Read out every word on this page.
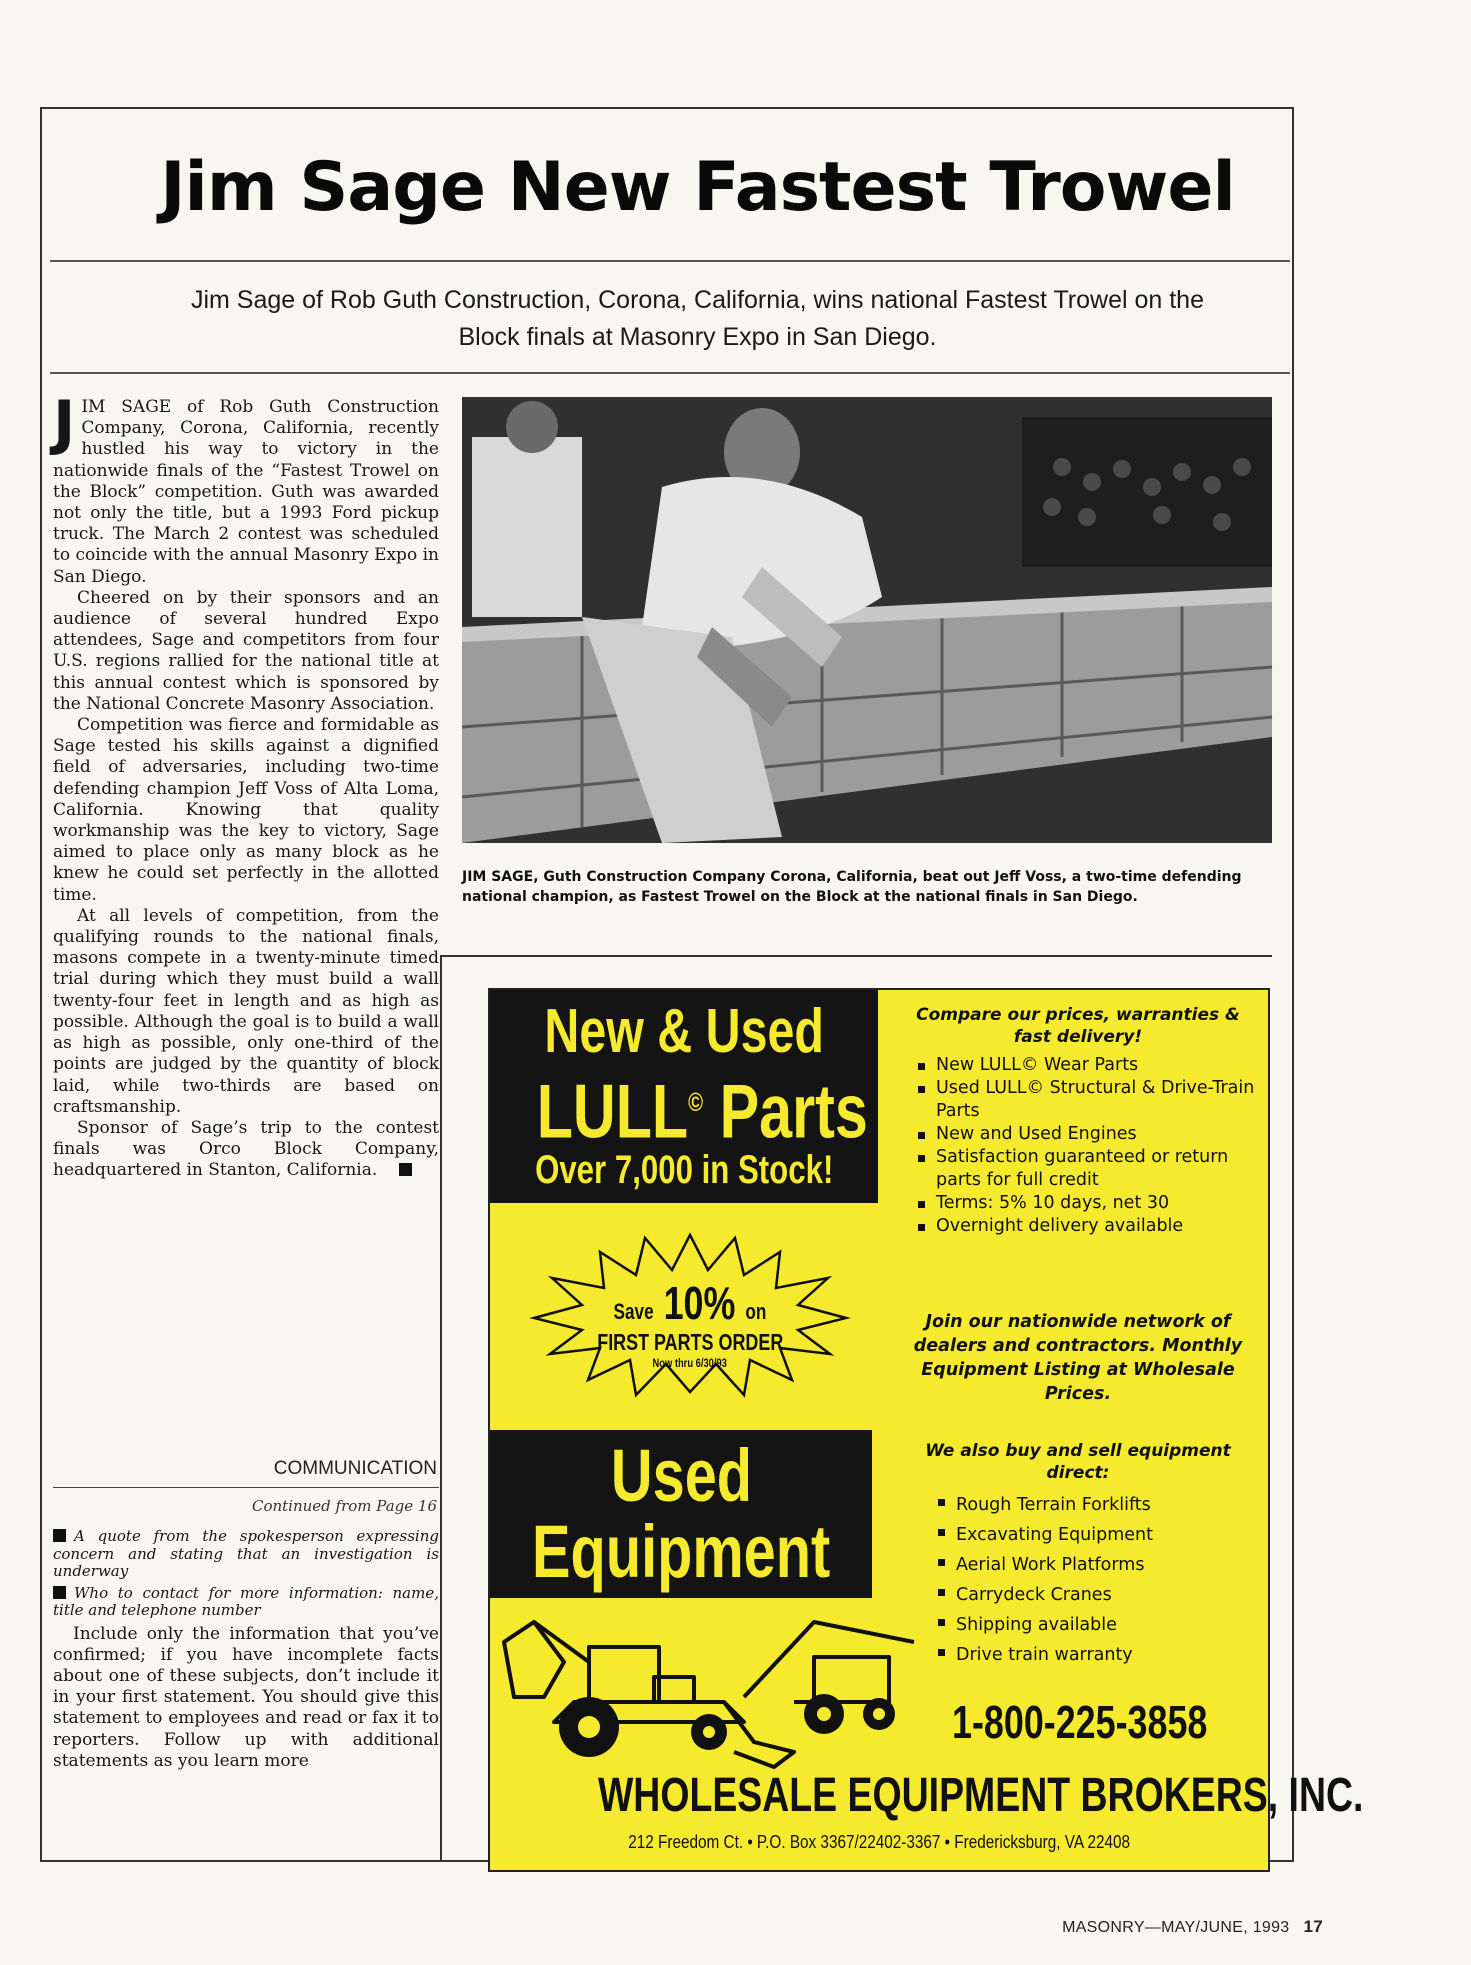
Jim Sage New Fastest Trowel
Jim Sage of Rob Guth Construction, Corona, California, wins national Fastest Trowel on the
Block finals at Masonry Expo in San Diego.

JIM SAGE of Rob Guth Construction Company, Corona, California, recently hustled his way to victory in the nationwide finals of the “Fastest Trowel on the Block” competition. Guth was awarded not only the title, but a 1993 Ford pickup truck. The March 2 contest was scheduled to coincide with the annual Masonry Expo in San Diego.

Cheered on by their sponsors and an audience of several hundred Expo attendees, Sage and competitors from four U.S. regions rallied for the national title at this annual contest which is sponsored by the National Concrete Masonry Association.

Competition was fierce and formidable as Sage tested his skills against a dignified field of adversaries, including two-time defending champion Jeff Voss of Alta Loma, California. Knowing that quality workmanship was the key to victory, Sage aimed to place only as many block as he knew he could set perfectly in the allotted time.

At all levels of competition, from the qualifying rounds to the national finals, masons compete in a twenty-minute timed trial during which they must build a wall twenty-four feet in length and as high as possible. Although the goal is to build a wall as high as possible, only one-third of the points are judged by the quantity of block laid, while two-thirds are based on craftsmanship.

Sponsor of Sage’s trip to the contest finals was Orco Block Company, headquartered in Stanton, California.

COMMUNICATION
Continued from Page 16

A quote from the spokesperson expressing concern and stating that an investigation is underway

Who to contact for more information: name, title and telephone number

Include only the information that you’ve confirmed; if you have incomplete facts about one of these subjects, don’t include it in your first statement. You should give this statement to employees and read or fax it to reporters. Follow up with additional statements as you learn more

JIM SAGE, Guth Construction Company Corona, California, beat out Jeff Voss, a two-time defending national champion, as Fastest Trowel on the Block at the national finals in San Diego.
New & Used
LULL© Parts
Over 7,000 in Stock!
Save 10% on
FIRST PARTS ORDER
Now thru 6/30/93
Used
Equipment

Compare our prices, warranties & fast delivery!

New LULL© Wear Parts
Used LULL© Structural & Drive-Train Parts
New and Used Engines
Satisfaction guaranteed or return parts for full credit
Terms: 5% 10 days, net 30
Overnight delivery available

Join our nationwide network of dealers and contractors. Monthly Equipment Listing at Wholesale Prices.

We also buy and sell equipment direct:

Rough Terrain Forklifts
Excavating Equipment
Aerial Work Platforms
Carrydeck Cranes
Shipping available
Drive train warranty
1-800-225-3858
WHOLESALE EQUIPMENT BROKERS, INC.
212 Freedom Ct. • P.O. Box 3367/22402-3367 • Fredericksburg, VA 22408
MASONRY—MAY/JUNE, 1993 17
